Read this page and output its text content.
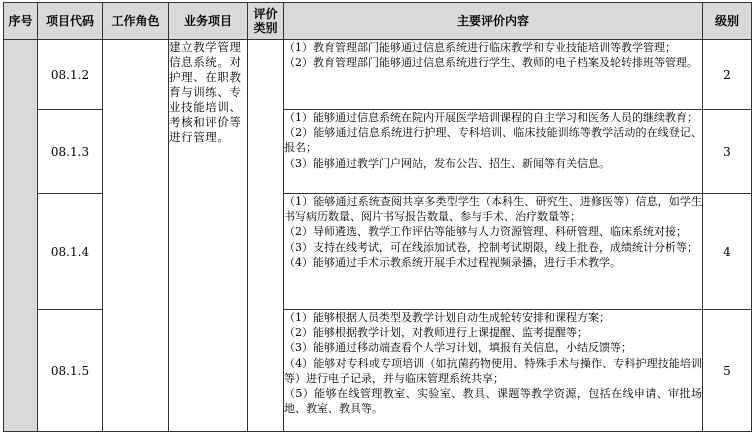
序号	项目代码	工作角色	业务项目	评价类别	主要评价内容	级别
	08.1.2		建立教学管理信息系统。对护理、在职教育与训练、专业技能培训、考核和评价等进行管理。		（1）教育管理部门能够通过信息系统进行临床教学和专业技能培训等教学管理；
（2）教育管理部门能够通过信息系统进行学生、教师的电子档案及轮转排班等管理。	2
	08.1.3				（1）能够通过信息系统在院内开展医学培训课程的自主学习和医务人员的继续教育；
（2）能够通过信息系统进行护理、专科培训、临床技能训练等教学活动的在线登记、报名；
（3）能够通过教学门户网站，发布公告、招生、新闻等有关信息。	3
	08.1.4				（1）能够通过系统查阅共享多类型学生（本科生、研究生、进修医等）信息，如学生书写病历数量、阅片书写报告数量、参与手术、治疗数量等；
（2）导师遴选、教学工作评估等能够与人力资源管理、科研管理、临床系统对接；
（3）支持在线考试，可在线添加试卷，控制考试期限，线上批卷，成绩统计分析等；
（4）能够通过手术示教系统开展手术过程视频录播，进行手术教学。	4
	08.1.5				（1）能够根据人员类型及教学计划自动生成轮转安排和课程方案；
（2）能够根据教学计划，对教师进行上课提醒、监考提醒等；
（3）能够通过移动端查看个人学习计划，填报有关信息，小结反馈等；
（4）能够对专科或专项培训（如抗菌药物使用、特殊手术与操作、专科护理技能培训等）进行电子记录，并与临床管理系统共享；
（5）能够在线管理教室、实验室、教具、课题等教学资源，包括在线申请、审批场地、教室、教具等。	5
